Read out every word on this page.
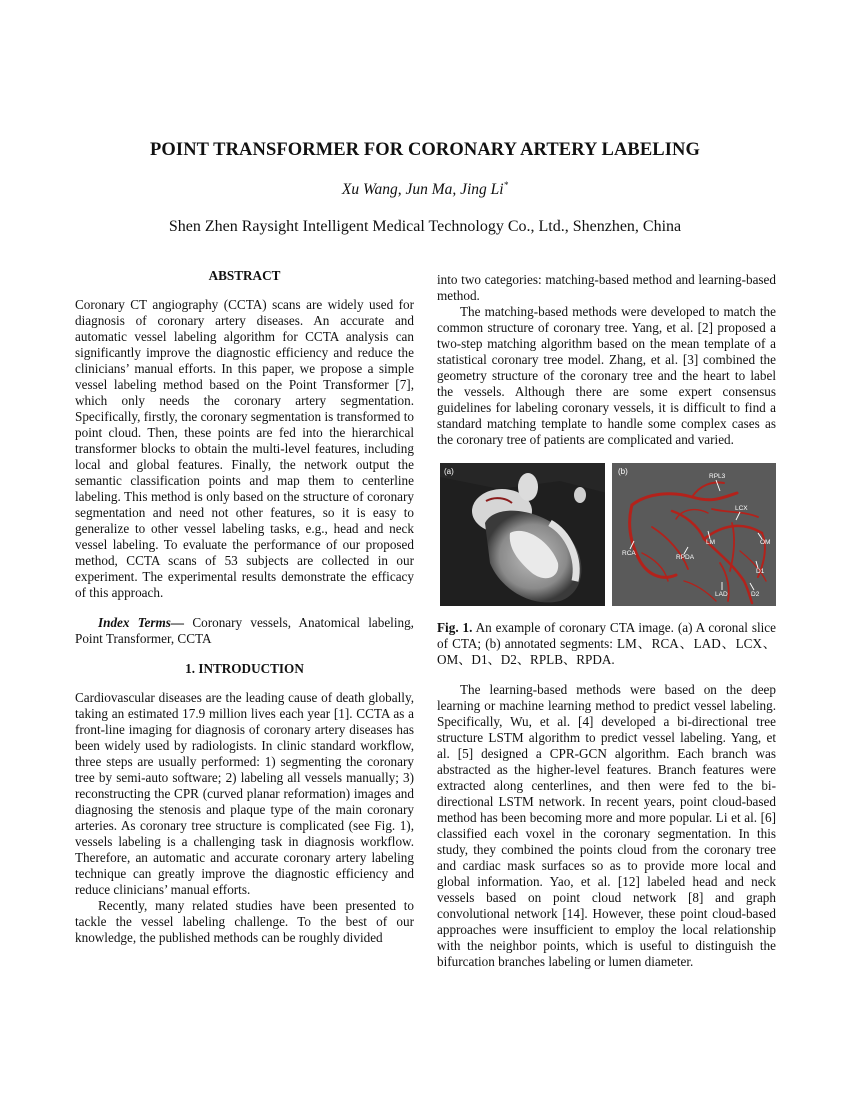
POINT TRANSFORMER FOR CORONARY ARTERY LABELING
Xu Wang, Jun Ma, Jing Li*
Shen Zhen Raysight Intelligent Medical Technology Co., Ltd., Shenzhen, China
ABSTRACT

Coronary CT angiography (CCTA) scans are widely used for diagnosis of coronary artery diseases. An accurate and automatic vessel labeling algorithm for CCTA analysis can significantly improve the diagnostic efficiency and reduce the clinicians’ manual efforts. In this paper, we propose a simple vessel labeling method based on the Point Transformer [7], which only needs the coronary artery segmentation. Specifically, firstly, the coronary segmentation is transformed to point cloud. Then, these points are fed into the hierarchical transformer blocks to obtain the multi-level features, including local and global features. Finally, the network output the semantic classification points and map them to centerline labeling. This method is only based on the structure of coronary segmentation and need not other features, so it is easy to generalize to other vessel labeling tasks, e.g., head and neck vessel labeling. To evaluate the performance of our proposed method, CCTA scans of 53 subjects are collected in our experiment. The experimental results demonstrate the efficacy of this approach.

Index Terms— Coronary vessels, Anatomical labeling, Point Transformer, CCTA

1. INTRODUCTION

Cardiovascular diseases are the leading cause of death globally, taking an estimated 17.9 million lives each year [1]. CCTA as a front-line imaging for diagnosis of coronary artery diseases has been widely used by radiologists. In clinic standard workflow, three steps are usually performed: 1) segmenting the coronary tree by semi-auto software; 2) labeling all vessels manually; 3) reconstructing the CPR (curved planar reformation) images and diagnosing the stenosis and plaque type of the main coronary arteries. As coronary tree structure is complicated (see Fig. 1), vessels labeling is a challenging task in diagnosis workflow. Therefore, an automatic and accurate coronary artery labeling technique can greatly improve the diagnostic efficiency and reduce clinicians’ manual efforts.

Recently, many related studies have been presented to tackle the vessel labeling challenge. To the best of our knowledge, the published methods can be roughly divided

into two categories: matching-based method and learning-based method.

The matching-based methods were developed to match the common structure of coronary tree. Yang, et al. [2] proposed a two-step matching algorithm based on the mean template of a statistical coronary tree model. Zhang, et al. [3] combined the geometry structure of the coronary tree and the heart to label the vessels. Although there are some expert consensus guidelines for labeling coronary vessels, it is difficult to find a standard matching template to handle some complex cases as the coronary tree of patients are complicated and varied.

(a)	(b)
RPL3
LCX
LM	OM
RCA
RPDA
D1
LAD	D2

Fig. 1. An example of coronary CTA image. (a) A coronal slice of CTA; (b) annotated segments: LM、RCA、LAD、LCX、OM、D1、D2、RPLB、RPDA.

The learning-based methods were based on the deep learning or machine learning method to predict vessel labeling. Specifically, Wu, et al. [4] developed a bi-directional tree structure LSTM algorithm to predict vessel labeling. Yang, et al. [5] designed a CPR-GCN algorithm. Each branch was abstracted as the higher-level features. Branch features were extracted along centerlines, and then were fed to the bi-directional LSTM network. In recent years, point cloud-based method has been becoming more and more popular. Li et al. [6] classified each voxel in the coronary segmentation. In this study, they combined the points cloud from the coronary tree and cardiac mask surfaces so as to provide more local and global information. Yao, et al. [12] labeled head and neck vessels based on point cloud network [8] and graph convolutional network [14]. However, these point cloud-based approaches were insufficient to employ the local relationship with the neighbor points, which is useful to distinguish the bifurcation branches labeling or lumen diameter.
